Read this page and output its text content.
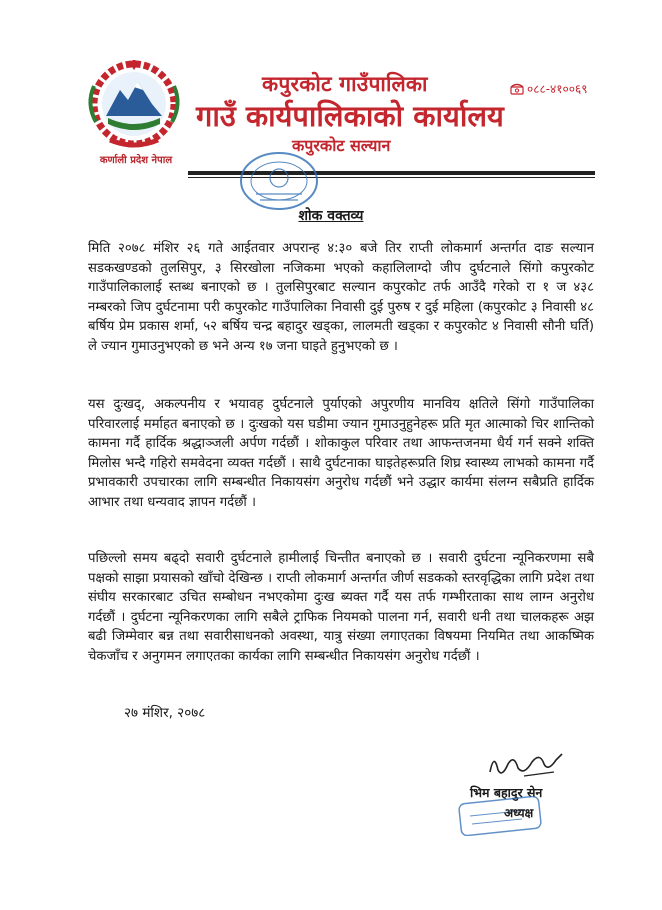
कर्णाली प्रदेश नेपाल
कपुरकोट गाउँपालिका
गाउँ कार्यपालिकाको कार्यालय
कपुरकोट सल्यान
०८८-४१००६९
शोक वक्तव्य

मिति २०७८ मंशिर २६ गते आईतवार अपरान्ह ४:३० बजे तिर राप्ती लोकमार्ग अन्तर्गत दाङ सल्यान सडकखण्डको तुलसिपुर, ३ सिरखोला नजिकमा भएको कहालिलाग्दो जीप दुर्घटनाले सिंगो कपुरकोट गाउँपालिकालाई स्तब्ध बनाएको छ । तुलसिपुरबाट सल्यान कपुरकोट तर्फ आउँदै गरेको रा १ ज ४३८ नम्बरको जिप दुर्घटनामा परी कपुरकोट गाउँपालिका निवासी दुई पुरुष र दुई महिला (कपुरकोट ३ निवासी ४८ बर्षिय प्रेम प्रकास शर्मा, ५२ बर्षिय चन्द्र बहादुर खड्का, लालमती खड्का र कपुरकोट ४ निवासी सौनी घर्ति) ले ज्यान गुमाउनुभएको छ भने अन्य १७ जना घाइते हुनुभएको छ ।

यस दुःखद्, अकल्पनीय र भयावह दुर्घटनाले पुर्याएको अपुरणीय मानविय क्षतिले सिंगो गाउँपालिका परिवारलाई मर्माहत बनाएको छ । दुःखको यस घडीमा ज्यान गुमाउनुहुनेहरू प्रति मृत आत्माको चिर शान्तिको कामना गर्दै हार्दिक श्रद्धाञ्जली अर्पण गर्दछौं । शोकाकुल परिवार तथा आफन्तजनमा धैर्य गर्न सक्ने शक्ति मिलोस भन्दै गहिरो समवेदना व्यक्त गर्दछौं । साथै दुर्घटनाका घाइतेहरूप्रति शिघ्र स्वास्थ्य लाभको कामना गर्दै प्रभावकारी उपचारका लागि सम्बन्धीत निकायसंग अनुरोध गर्दछौं भने उद्धार कार्यमा संलग्न सबैप्रति हार्दिक आभार तथा धन्यवाद ज्ञापन गर्दछौं ।

पछिल्लो समय बढ्दो सवारी दुर्घटनाले हामीलाई चिन्तीत बनाएको छ । सवारी दुर्घटना न्यूनिकरणमा सबै पक्षको साझा प्रयासको खाँचो देखिन्छ । राप्ती लोकमार्ग अन्तर्गत जीर्ण सडकको स्तरवृद्धिका लागि प्रदेश तथा संघीय सरकारबाट उचित सम्बोधन नभएकोमा दुःख ब्यक्त गर्दै यस तर्फ गम्भीरताका साथ लाग्न अनुरोध गर्दछौं । दुर्घटना न्यूनिकरणका लागि सबैले ट्राफिक नियमको पालना गर्न, सवारी धनी तथा चालकहरू अझ बढी जिम्मेवार बन्न तथा सवारीसाधनको अवस्था, यात्रु संख्या लगाएतका विषयमा नियमित तथा आकष्मिक चेकजाँच र अनुगमन लगाएतका कार्यका लागि सम्बन्धीत निकायसंग अनुरोध गर्दछौं ।

२७ मंशिर, २०७८
भिम बहादुर सेन
अध्यक्ष
